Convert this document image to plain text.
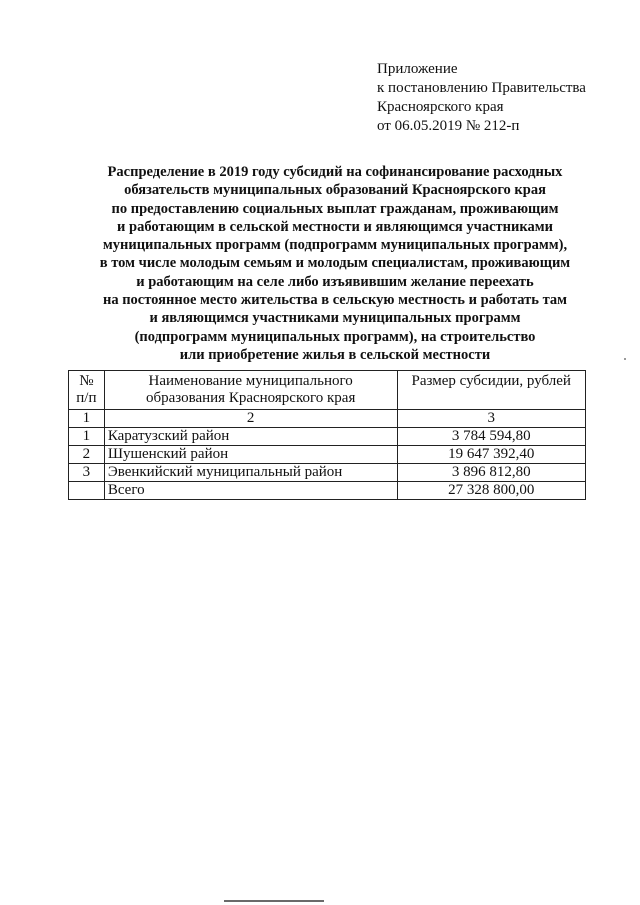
Приложение
к постановлению Правительства
Красноярского края
от 06.05.2019 № 212-п
Распределение в 2019 году субсидий на софинансирование расходных
обязательств муниципальных образований Красноярского края
по предоставлению социальных выплат гражданам, проживающим
и работающим в сельской местности и являющимся участниками
муниципальных программ (подпрограмм муниципальных программ),
в том числе молодым семьям и молодым специалистам, проживающим
и работающим на селе либо изъявившим желание переехать
на постоянное место жительства в сельскую местность и работать там
и являющимся участниками муниципальных программ
(подпрограмм муниципальных программ), на строительство
или приобретение жилья в сельской местности
№ п/п	Наименование муниципального образования Красноярского края	Размер субсидии, рублей
1	2	3
1	Каратузский район	3 784 594,80
2	Шушенский район	19 647 392,40
3	Эвенкийский муниципальный район	3 896 812,80
	Всего	27 328 800,00
